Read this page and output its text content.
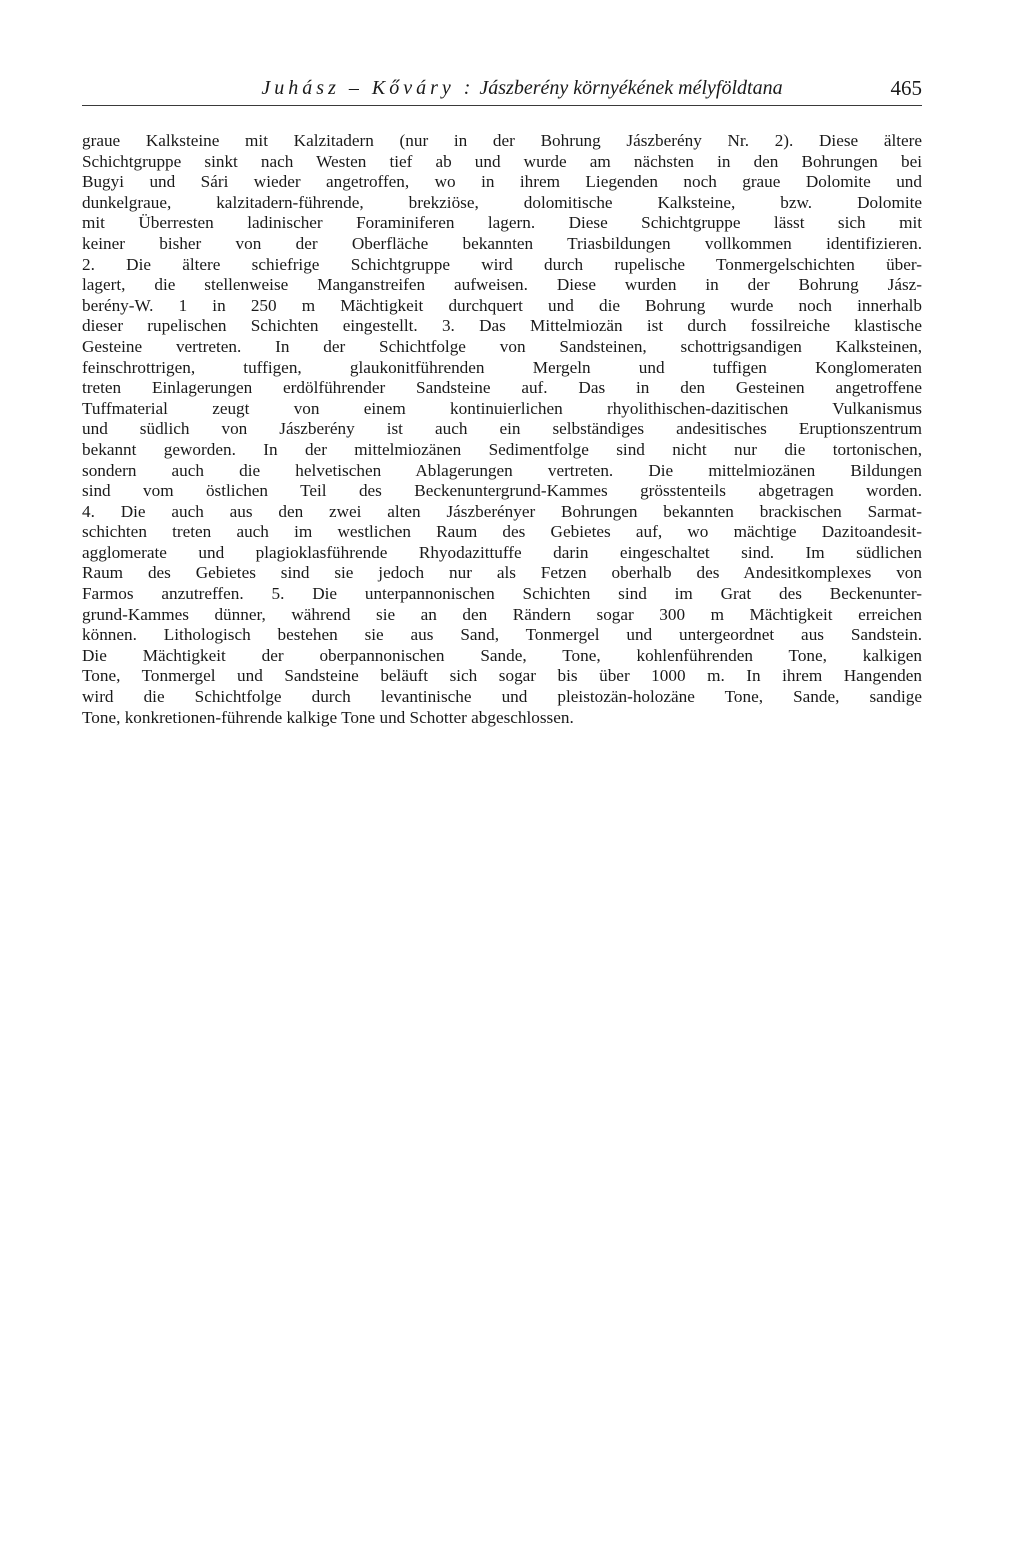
Juhász – Kőváry : Jászberény környékének mélyföldtana	465
graue Kalksteine mit Kalzitadern (nur in der Bohrung Jászberény Nr. 2). Diese ältere
Schichtgruppe sinkt nach Westen tief ab und wurde am nächsten in den Bohrungen bei
Bugyi und Sári wieder angetroffen, wo in ihrem Liegenden noch graue Dolomite und
dunkelgraue, kalzitadern-führende, brekziöse, dolomitische Kalksteine, bzw. Dolomite
mit Überresten ladinischer Foraminiferen lagern. Diese Schichtgruppe lässt sich mit
keiner bisher von der Oberfläche bekannten Triasbildungen vollkommen identifizieren.
2. Die ältere schiefrige Schichtgruppe wird durch rupelische Tonmergelschichten über-
lagert, die stellenweise Manganstreifen aufweisen. Diese wurden in der Bohrung Jász-
berény-W. 1 in 250 m Mächtigkeit durchquert und die Bohrung wurde noch innerhalb
dieser rupelischen Schichten eingestellt. 3. Das Mittelmiozän ist durch fossilreiche klastische
Gesteine vertreten. In der Schichtfolge von Sandsteinen, schottrigsandigen Kalksteinen,
feinschrottrigen, tuffigen, glaukonitführenden Mergeln und tuffigen Konglomeraten
treten Einlagerungen erdölführender Sandsteine auf. Das in den Gesteinen angetroffene
Tuffmaterial zeugt von einem kontinuierlichen rhyolithischen-dazitischen Vulkanismus
und südlich von Jászberény ist auch ein selbständiges andesitisches Eruptionszentrum
bekannt geworden. In der mittelmiozänen Sedimentfolge sind nicht nur die tortonischen,
sondern auch die helvetischen Ablagerungen vertreten. Die mittelmiozänen Bildungen
sind vom östlichen Teil des Beckenuntergrund-Kammes grösstenteils abgetragen worden.
4. Die auch aus den zwei alten Jászberényer Bohrungen bekannten brackischen Sarmat-
schichten treten auch im westlichen Raum des Gebietes auf, wo mächtige Dazitoandesit-
agglomerate und plagioklasführende Rhyodazittuffe darin eingeschaltet sind. Im südlichen
Raum des Gebietes sind sie jedoch nur als Fetzen oberhalb des Andesitkomplexes von
Farmos anzutreffen. 5. Die unterpannonischen Schichten sind im Grat des Beckenunter-
grund-Kammes dünner, während sie an den Rändern sogar 300 m Mächtigkeit erreichen
können. Lithologisch bestehen sie aus Sand, Tonmergel und untergeordnet aus Sandstein.
Die Mächtigkeit der oberpannonischen Sande, Tone, kohlenführenden Tone, kalkigen
Tone, Tonmergel und Sandsteine beläuft sich sogar bis über 1000 m. In ihrem Hangenden
wird die Schichtfolge durch levantinische und pleistozän-holozäne Tone, Sande, sandige
Tone, konkretionen-führende kalkige Tone und Schotter abgeschlossen.
